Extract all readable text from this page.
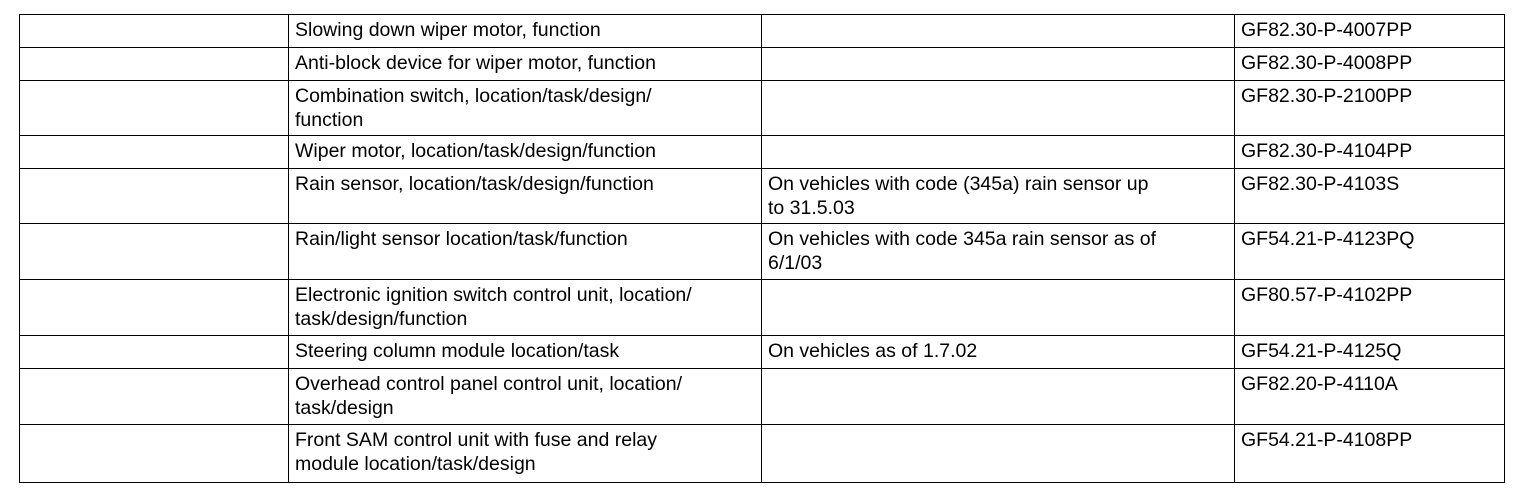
	Slowing down wiper motor, function		GF82.30-P-4007PP
	Anti-block device for wiper motor, function		GF82.30-P-4008PP
	Combination switch, location/task/design/
function		GF82.30-P-2100PP
	Wiper motor, location/task/design/function		GF82.30-P-4104PP
	Rain sensor, location/task/design/function	On vehicles with code (345a) rain sensor up
to 31.5.03	GF82.30-P-4103S
	Rain/light sensor location/task/function	On vehicles with code 345a rain sensor as of
6/1/03	GF54.21-P-4123PQ
	Electronic ignition switch control unit, location/
task/design/function		GF80.57-P-4102PP
	Steering column module location/task	On vehicles as of 1.7.02	GF54.21-P-4125Q
	Overhead control panel control unit, location/
task/design		GF82.20-P-4110A
	Front SAM control unit with fuse and relay
module location/task/design		GF54.21-P-4108PP
